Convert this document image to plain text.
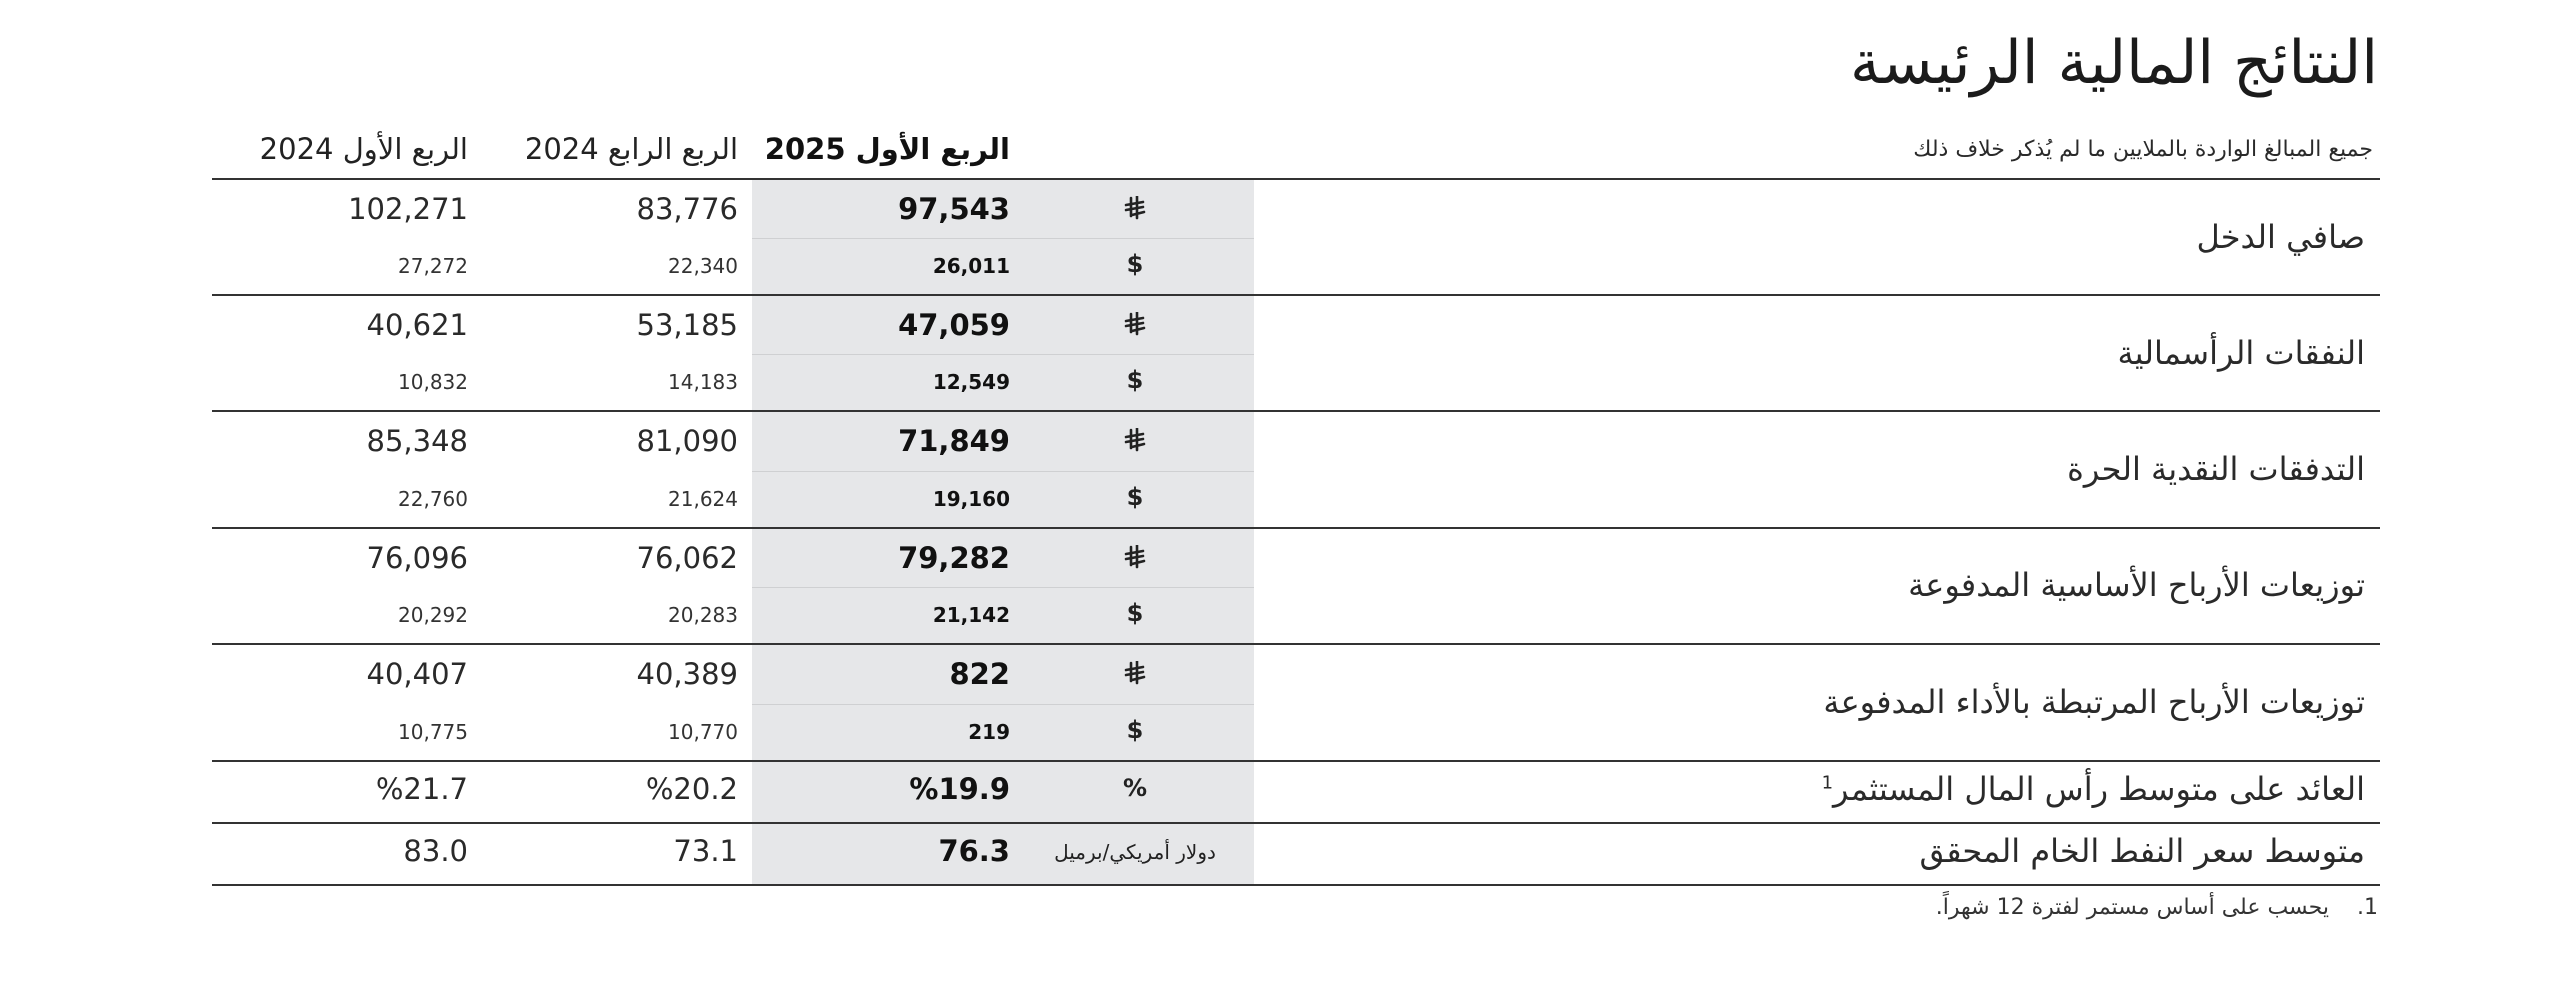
النتائج المالية الرئيسة
جميع المبالغ الواردة بالملايين ما لم يُذكر خلاف ذلك
الربع الأول 2025
الربع الرابع 2024
الربع الأول 2024
صافي الدخل
$
97,543
83,776
102,271
26,011
22,340
27,272
النفقات الرأسمالية
$
47,059
53,185
40,621
12,549
14,183
10,832
التدفقات النقدية الحرة
$
71,849
81,090
85,348
19,160
21,624
22,760
توزيعات الأرباح الأساسية المدفوعة
$
79,282
76,062
76,096
21,142
20,283
20,292
توزيعات الأرباح المرتبطة بالأداء المدفوعة
$
822
40,389
40,407
219
10,770
10,775
العائد على متوسط رأس المال المستثمر$^1$
%
%19.9
%20.2
%21.7
متوسط سعر النفط الخام المحقق
دولار أمريكي/برميل
76.3
73.1
83.0
1.يحسب على أساس مستمر لفترة 12 شهراً.
